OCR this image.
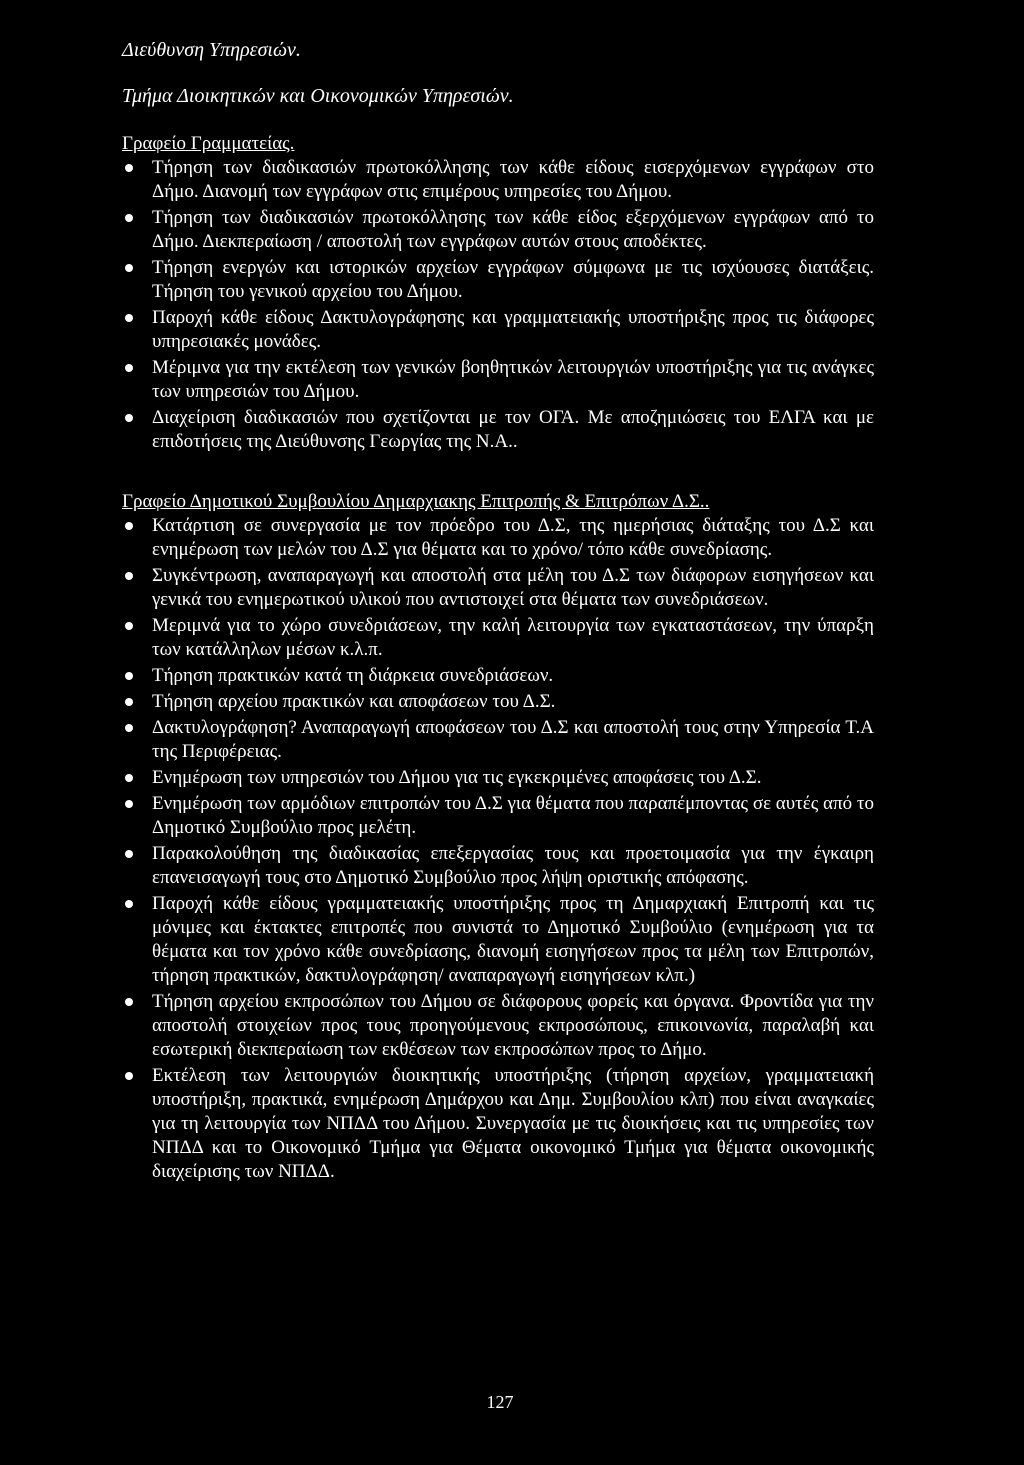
Διεύθυνση Υπηρεσιών.
Τμήμα Διοικητικών και Οικονομικών Υπηρεσιών.
Γραφείο Γραμματείας.
Τήρηση των διαδικασιών πρωτοκόλλησης των κάθε είδους εισερχόμενων εγγράφων στο Δήμο. Διανομή των εγγράφων στις επιμέρους υπηρεσίες του Δήμου.
Τήρηση των διαδικασιών πρωτοκόλλησης των κάθε είδος εξερχόμενων εγγράφων από το Δήμο. Διεκπεραίωση / αποστολή των εγγράφων αυτών στους αποδέκτες.
Τήρηση ενεργών και ιστορικών αρχείων εγγράφων σύμφωνα με τις ισχύουσες διατάξεις. Τήρηση του γενικού αρχείου του Δήμου.
Παροχή κάθε είδους Δακτυλογράφησης και γραμματειακής υποστήριξης προς τις διάφορες υπηρεσιακές μονάδες.
Μέριμνα για την εκτέλεση των γενικών βοηθητικών λειτουργιών υποστήριξης για τις ανάγκες των υπηρεσιών του Δήμου.
Διαχείριση διαδικασιών που σχετίζονται με τον ΟΓΑ. Με αποζημιώσεις του ΕΛΓΑ και με επιδοτήσεις της Διεύθυνσης Γεωργίας της Ν.Α..
Γραφείο Δημοτικού Συμβουλίου Δημαρχιακης Επιτροπής & Επιτρόπων Δ.Σ..
Κατάρτιση σε συνεργασία με τον πρόεδρο του Δ.Σ, της ημερήσιας διάταξης του Δ.Σ και ενημέρωση των μελών του Δ.Σ για θέματα και το χρόνο/ τόπο κάθε συνεδρίασης.
Συγκέντρωση, αναπαραγωγή και αποστολή στα μέλη του Δ.Σ των διάφορων εισηγήσεων και γενικά του ενημερωτικού υλικού που αντιστοιχεί στα θέματα των συνεδριάσεων.
Μεριμνά για το χώρο συνεδριάσεων, την καλή λειτουργία των εγκαταστάσεων, την ύπαρξη των κατάλληλων μέσων κ.λ.π.
Τήρηση πρακτικών κατά τη διάρκεια συνεδριάσεων.
Τήρηση αρχείου πρακτικών και αποφάσεων του Δ.Σ.
Δακτυλογράφηση? Αναπαραγωγή αποφάσεων του Δ.Σ και αποστολή τους στην Υπηρεσία Τ.Α της Περιφέρειας.
Ενημέρωση των υπηρεσιών του Δήμου για τις εγκεκριμένες αποφάσεις του Δ.Σ.
Ενημέρωση των αρμόδιων επιτροπών του Δ.Σ για θέματα που παραπέμποντας σε αυτές από το Δημοτικό Συμβούλιο προς μελέτη.
Παρακολούθηση της διαδικασίας επεξεργασίας τους και προετοιμασία για την έγκαιρη επανεισαγωγή τους στο Δημοτικό Συμβούλιο προς λήψη οριστικής απόφασης.
Παροχή κάθε είδους γραμματειακής υποστήριξης προς τη Δημαρχιακή Επιτροπή και τις μόνιμες και έκτακτες επιτροπές που συνιστά το Δημοτικό Συμβούλιο (ενημέρωση για τα θέματα και τον χρόνο κάθε συνεδρίασης, διανομή εισηγήσεων προς τα μέλη των Επιτροπών, τήρηση πρακτικών, δακτυλογράφηση/ αναπαραγωγή εισηγήσεων κλπ.)
Τήρηση αρχείου εκπροσώπων του Δήμου σε διάφορους φορείς και όργανα. Φροντίδα για την αποστολή στοιχείων προς τους προηγούμενους εκπροσώπους, επικοινωνία, παραλαβή και εσωτερική διεκπεραίωση των εκθέσεων των εκπροσώπων προς το Δήμο.
Εκτέλεση των λειτουργιών διοικητικής υποστήριξης (τήρηση αρχείων, γραμματειακή υποστήριξη, πρακτικά, ενημέρωση Δημάρχου και Δημ. Συμβουλίου κλπ) που είναι αναγκαίες για τη λειτουργία των ΝΠΔΔ του Δήμου. Συνεργασία με τις διοικήσεις και τις υπηρεσίες των ΝΠΔΔ και το Οικονομικό Τμήμα για Θέματα οικονομικό Τμήμα για θέματα οικονομικής διαχείρισης των ΝΠΔΔ.
127
